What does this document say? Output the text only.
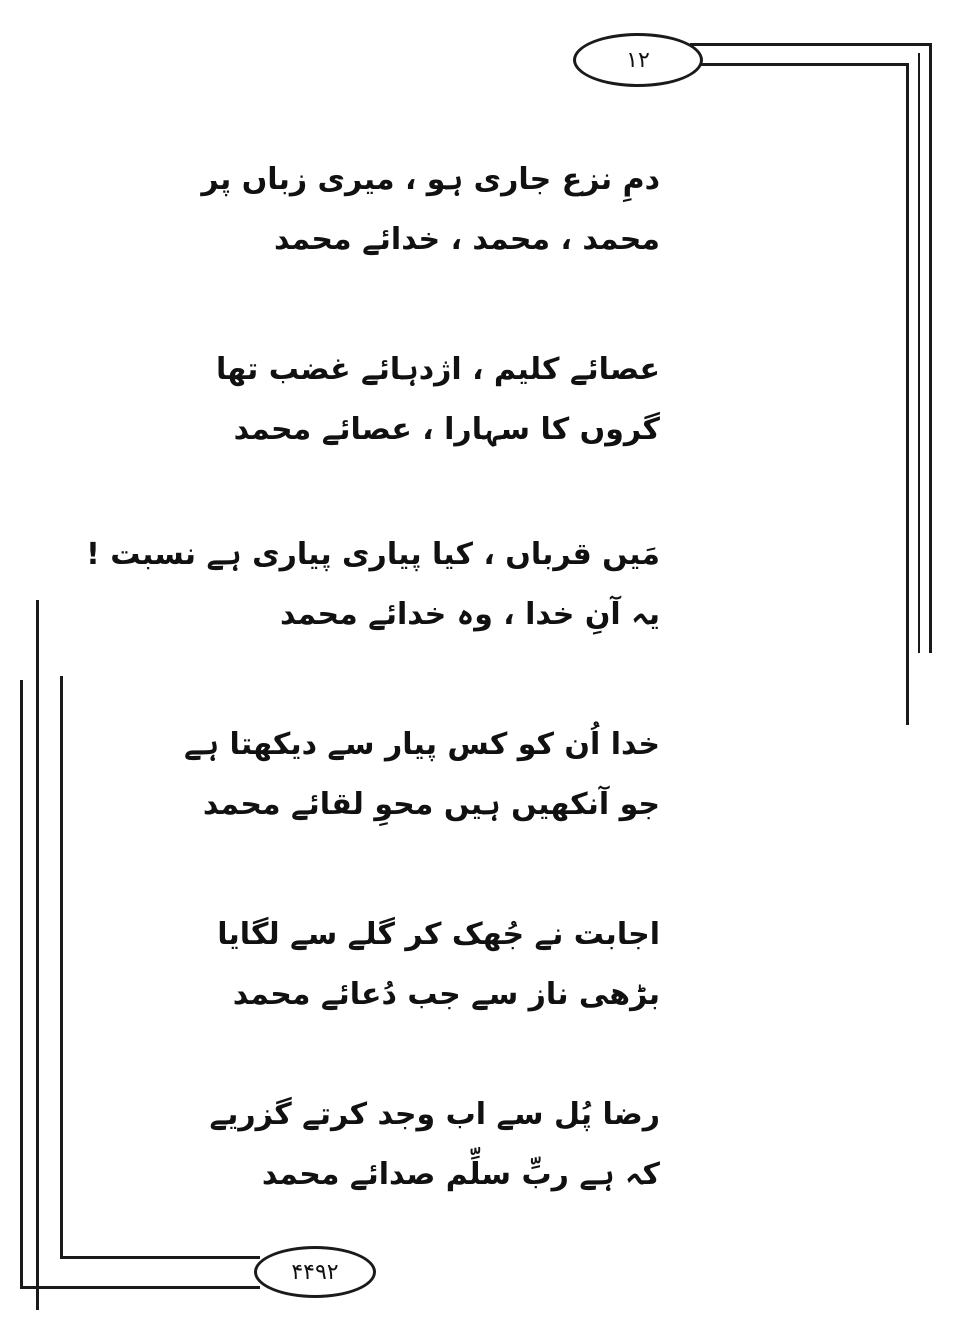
۱۲
۴۴۹۲
دمِ نزع جاری ہو ، میری زباں پر
محمد ، محمد ، خدائے محمد
عصائے کلیم ، اژدہائے غضب تھا
گروں کا سہارا ، عصائے محمد
مَیں قرباں ، کیا پیاری پیاری ہے نسبت !
یہ آنِ خدا ، وہ خدائے محمد
خدا اُن کو کس پیار سے دیکھتا ہے
جو آنکھیں ہیں محوِ لقائے محمد
اجابت نے جُھک کر گلے سے لگایا
بڑھی ناز سے جب دُعائے محمد
رضا پُل سے اب وجد کرتے گزریے
کہ ہے ربِّ سلِّم صدائے محمد
